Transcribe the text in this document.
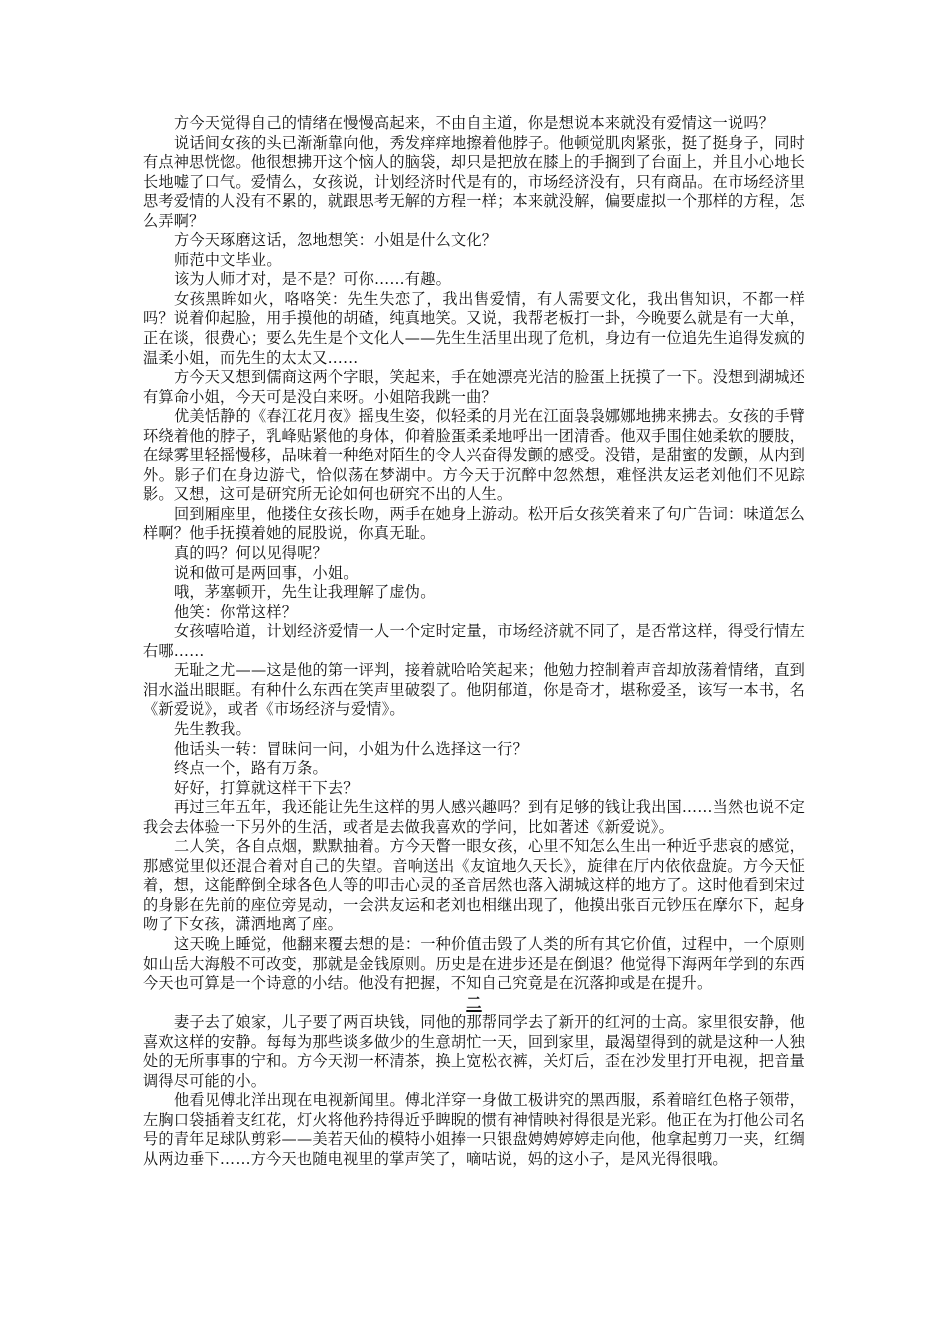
方今天觉得自己的情绪在慢慢高起来，不由自主道，你是想说本来就没有爱情这一说吗？

说话间女孩的头已渐渐靠向他，秀发痒痒地擦着他脖子。他顿觉肌肉紧张，挺了挺身子，同时有点神思恍惚。他很想拂开这个恼人的脑袋，却只是把放在膝上的手搁到了台面上，并且小心地长长地嘘了口气。爱情么，女孩说，计划经济时代是有的，市场经济没有，只有商品。在市场经济里思考爱情的人没有不累的，就跟思考无解的方程一样；本来就没解，偏要虚拟一个那样的方程，怎么弄啊？

方今天琢磨这话，忽地想笑：小姐是什么文化？

师范中文毕业。

该为人师才对，是不是？可你……有趣。

女孩黑眸如火，咯咯笑：先生失恋了，我出售爱情，有人需要文化，我出售知识，不都一样吗？说着仰起脸，用手摸他的胡碴，纯真地笑。又说，我帮老板打一卦，今晚要么就是有一大单，正在谈，很费心；要么先生是个文化人——先生生活里出现了危机，身边有一位追先生追得发疯的温柔小姐，而先生的太太又……

方今天又想到儒商这两个字眼，笑起来，手在她漂亮光洁的脸蛋上抚摸了一下。没想到湖城还有算命小姐，今天可是没白来呀。小姐陪我跳一曲？

优美恬静的《春江花月夜》摇曳生姿，似轻柔的月光在江面袅袅娜娜地拂来拂去。女孩的手臂环绕着他的脖子，乳峰贴紧他的身体，仰着脸蛋柔柔地呼出一团清香。他双手围住她柔软的腰肢，在绿雾里轻摇慢移，品味着一种绝对陌生的令人兴奋得发颤的感受。没错，是甜蜜的发颤，从内到外。影子们在身边游弋，恰似荡在梦湖中。方今天于沉醉中忽然想，难怪洪友运老刘他们不见踪影。又想，这可是研究所无论如何也研究不出的人生。

回到厢座里，他搂住女孩长吻，两手在她身上游动。松开后女孩笑着来了句广告词：味道怎么样啊？他手抚摸着她的屁股说，你真无耻。

真的吗？何以见得呢？

说和做可是两回事，小姐。

哦，茅塞顿开，先生让我理解了虚伪。

他笑：你常这样？

女孩嘻哈道，计划经济爱情一人一个定时定量，市场经济就不同了，是否常这样，得受行情左右哪……

无耻之尤——这是他的第一评判，接着就哈哈笑起来；他勉力控制着声音却放荡着情绪，直到泪水溢出眼眶。有种什么东西在笑声里破裂了。他阴郁道，你是奇才，堪称爱圣，该写一本书，名《新爱说》，或者《市场经济与爱情》。

先生教我。

他话头一转：冒昧问一问，小姐为什么选择这一行？

终点一个，路有万条。

好好，打算就这样干下去？

再过三年五年，我还能让先生这样的男人感兴趣吗？到有足够的钱让我出国……当然也说不定我会去体验一下另外的生活，或者是去做我喜欢的学问，比如著述《新爱说》。

二人笑，各自点烟，默默抽着。方今天瞥一眼女孩，心里不知怎么生出一种近乎悲哀的感觉，那感觉里似还混合着对自己的失望。音响送出《友谊地久天长》，旋律在厅内依依盘旋。方今天怔着，想，这能醉倒全球各色人等的叩击心灵的圣音居然也落入湖城这样的地方了。这时他看到宋过的身影在先前的座位旁晃动，一会洪友运和老刘也相继出现了，他摸出张百元钞压在摩尔下，起身吻了下女孩，潇洒地离了座。

这天晚上睡觉，他翻来覆去想的是：一种价值击毁了人类的所有其它价值，过程中，一个原则如山岳大海般不可改变，那就是金钱原则。历史是在进步还是在倒退？他觉得下海两年学到的东西今天也可算是一个诗意的小结。他没有把握，不知自己究竟是在沉落抑或是在提升。

二

妻子去了娘家，儿子要了两百块钱，同他的那帮同学去了新开的红河的士高。家里很安静，他喜欢这样的安静。每每为那些谈多做少的生意胡忙一天，回到家里，最渴望得到的就是这种一人独处的无所事事的宁和。方今天沏一杯清茶，换上宽松衣裤，关灯后，歪在沙发里打开电视，把音量调得尽可能的小。

他看见傅北洋出现在电视新闻里。傅北洋穿一身做工极讲究的黑西服，系着暗红色格子领带，左胸口袋插着支红花，灯火将他矜持得近乎睥睨的惯有神情映衬得很是光彩。他正在为打他公司名号的青年足球队剪彩——美若天仙的模特小姐捧一只银盘娉娉婷婷走向他，他拿起剪刀一夹，红绸从两边垂下……方今天也随电视里的掌声笑了，嘀咕说，妈的这小子，是风光得很哦。
